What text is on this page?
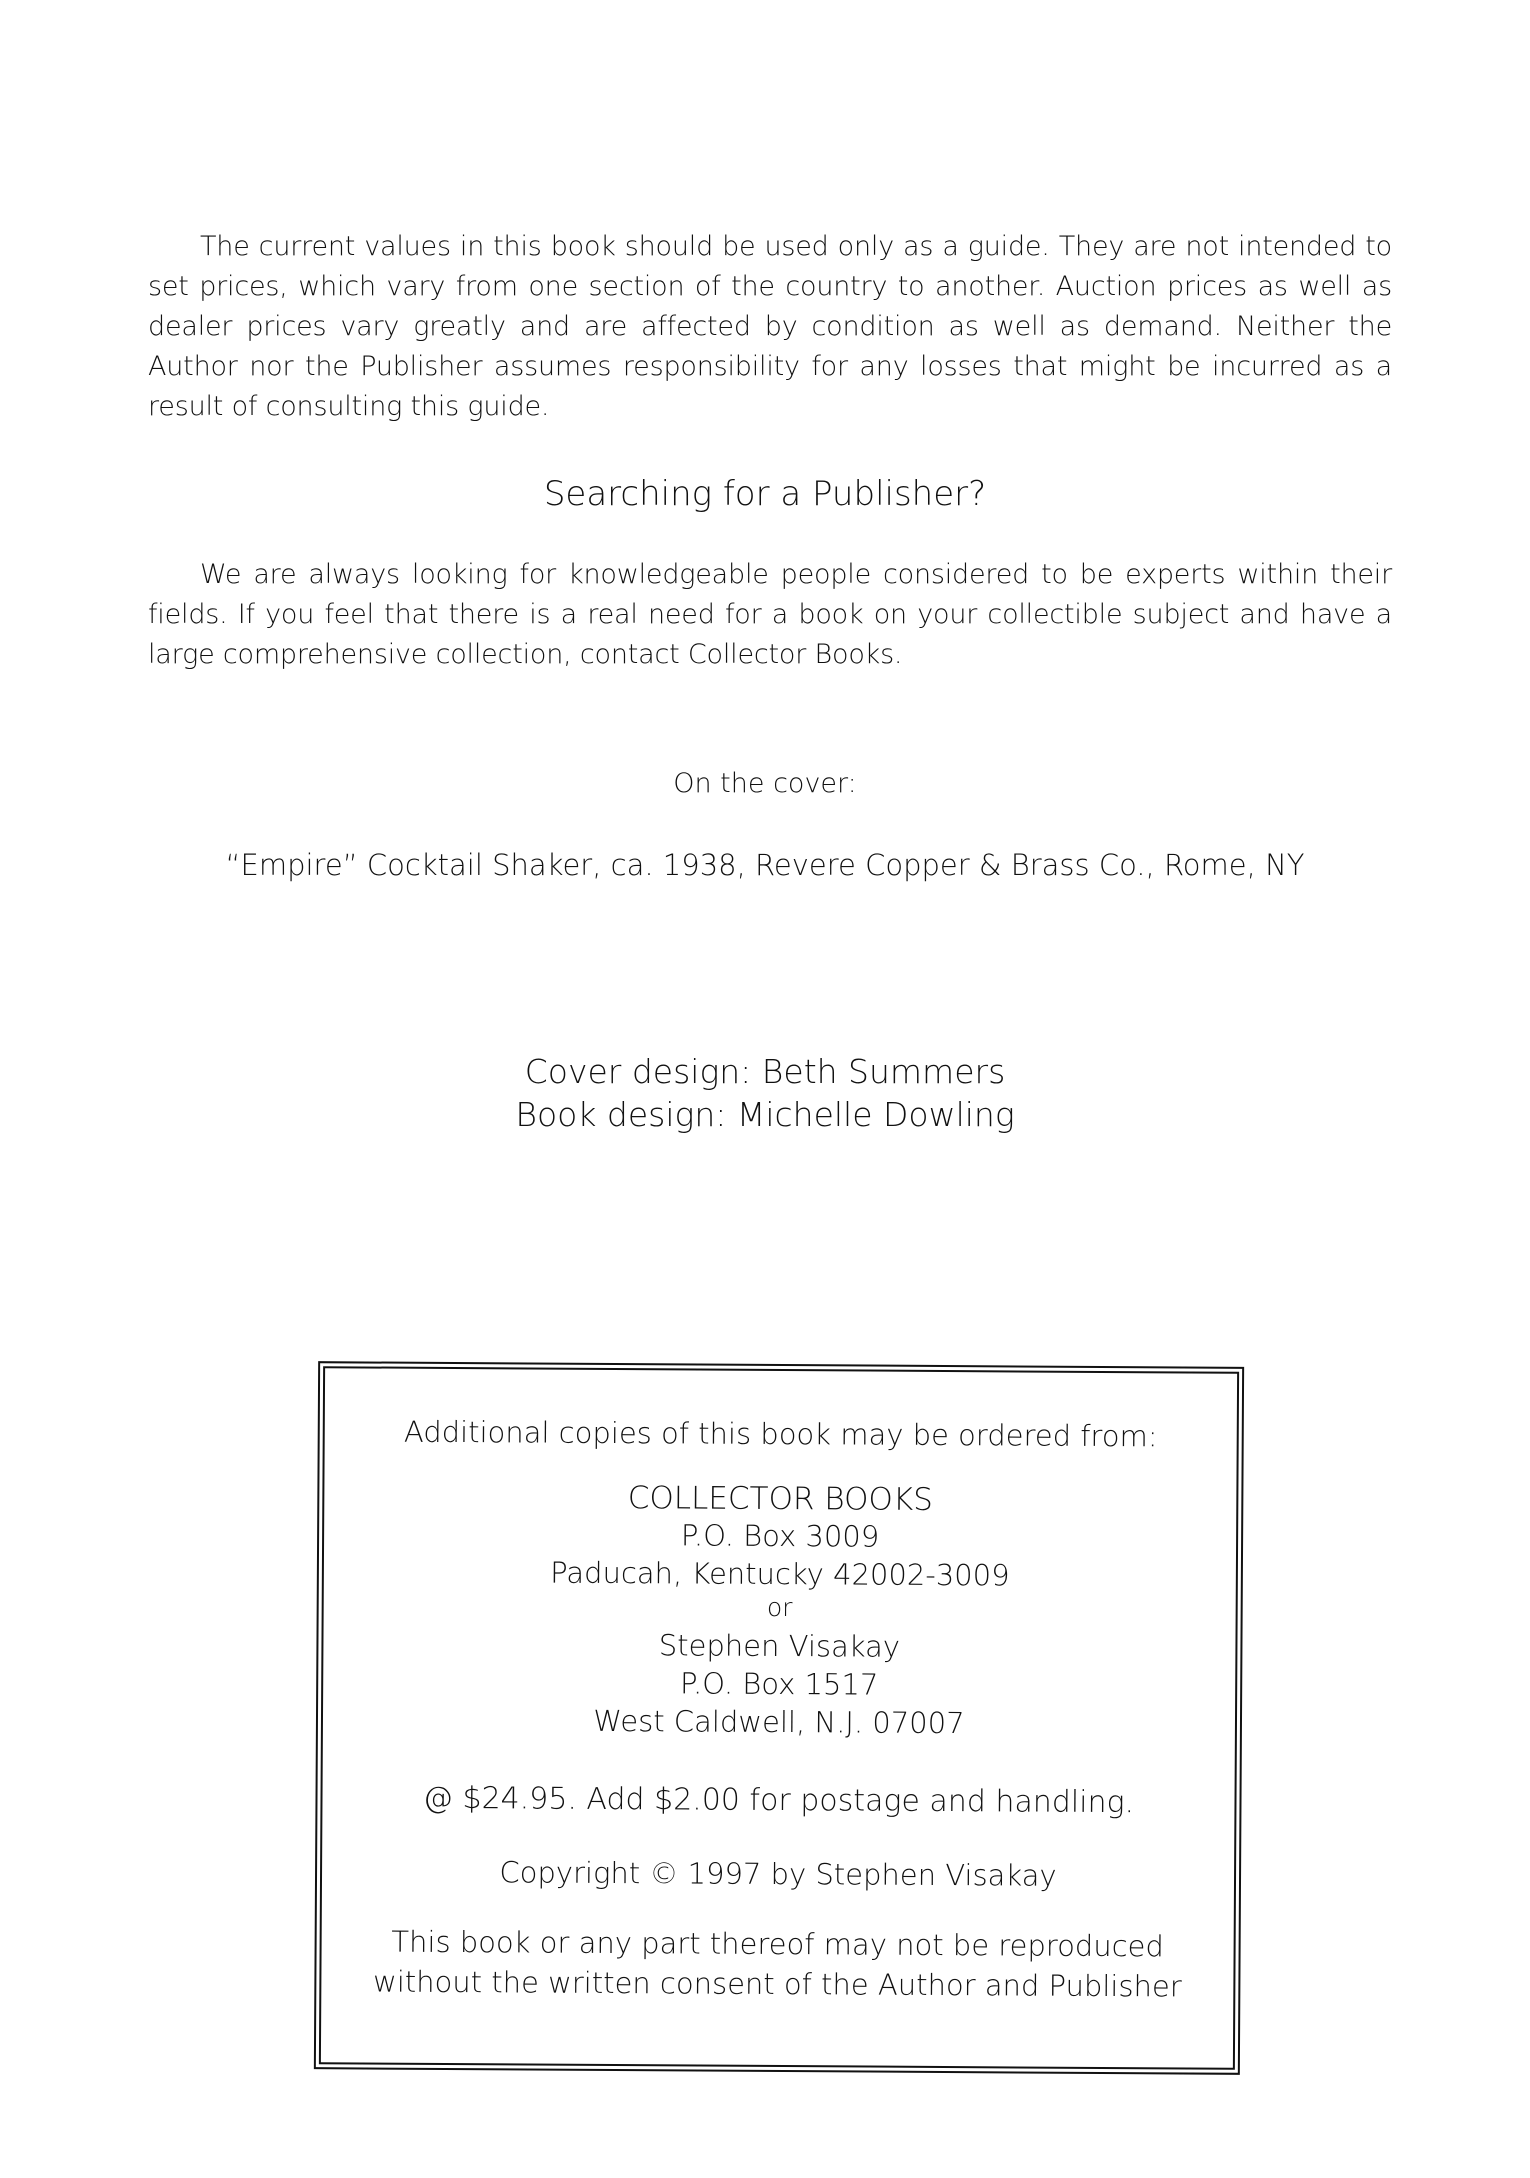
The current values in this book should be used only as a guide. They are not intended to set prices, which vary from one section of the country to another. Auction prices as well as dealer prices vary greatly and are affected by condition as well as demand. Neither the Author nor the Publisher assumes responsibility for any losses that might be incurred as a result of consulting this guide.

Searching for a Publisher?

We are always looking for knowledgeable people considered to be experts within their fields. If you feel that there is a real need for a book on your collectible subject and have a large comprehensive collection, contact Collector Books.

On the cover:
“Empire” Cocktail Shaker, ca. 1938, Revere Copper & Brass Co., Rome, NY
Cover design: Beth Summers
Book design: Michelle Dowling
Additional copies of this book may be ordered from:
COLLECTOR BOOKS
P.O. Box 3009
Paducah, Kentucky 42002-3009
or
Stephen Visakay
P.O. Box 1517
West Caldwell, N.J. 07007
@ $24.95. Add $2.00 for postage and handling.
Copyright © 1997 by Stephen Visakay
This book or any part thereof may not be reproduced
without the written consent of the Author and Publisher
